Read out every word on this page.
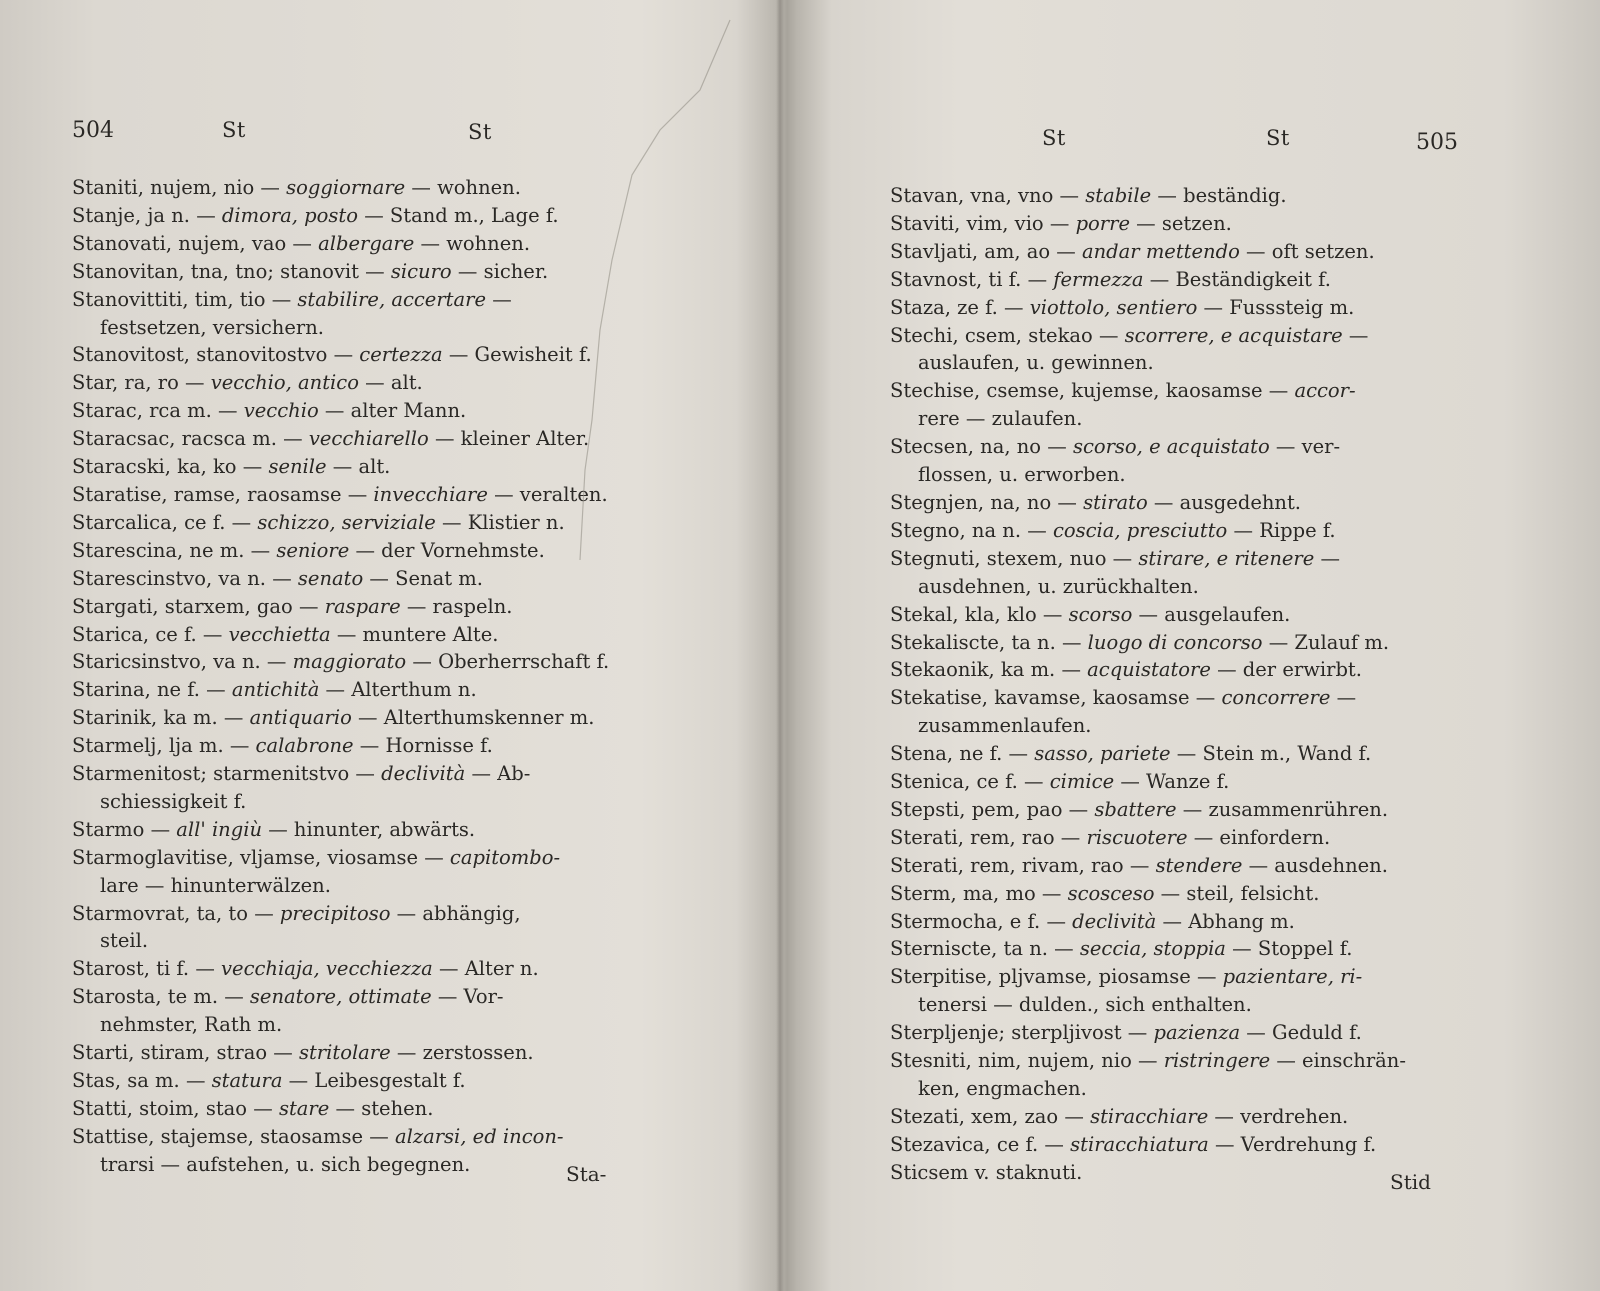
504	St	St
Staniti, nujem, nio — soggiornare — wohnen.
Stanje, ja n. — dimora, posto — Stand m., Lage f.
Stanovati, nujem, vao — albergare — wohnen.
Stanovitan, tna, tno; stanovit — sicuro — sicher.
Stanovittiti, tim, tio — stabilire, accertare —
festsetzen, versichern.
Stanovitost, stanovitostvo — certezza — Gewisheit f.
Star, ra, ro — vecchio, antico — alt.
Starac, rca m. — vecchio — alter Mann.
Staracsac, racsca m. — vecchiarello — kleiner Alter.
Staracski, ka, ko — senile — alt.
Staratise, ramse, raosamse — invecchiare — veralten.
Starcalica, ce f. — schizzo, serviziale — Klistier n.
Starescina, ne m. — seniore — der Vornehmste.
Starescinstvo, va n. — senato — Senat m.
Stargati, starxem, gao — raspare — raspeln.
Starica, ce f. — vecchietta — muntere Alte.
Staricsinstvo, va n. — maggiorato — Oberherrschaft f.
Starina, ne f. — antichità — Alterthum n.
Starinik, ka m. — antiquario — Alterthumskenner m.
Starmelj, lja m. — calabrone — Hornisse f.
Starmenitost; starmenitstvo — declività — Ab-
schiessigkeit f.
Starmo — all' ingiù — hinunter, abwärts.
Starmoglavitise, vljamse, viosamse — capitombo-
lare — hinunterwälzen.
Starmovrat, ta, to — precipitoso — abhängig,
steil.
Starost, ti f. — vecchiaja, vecchiezza — Alter n.
Starosta, te m. — senatore, ottimate — Vor-
nehmster, Rath m.
Starti, stiram, strao — stritolare — zerstossen.
Stas, sa m. — statura — Leibesgestalt f.
Statti, stoim, stao — stare — stehen.
Stattise, stajemse, staosamse — alzarsi, ed incon-
trarsi — aufstehen, u. sich begegnen.	Sta-
St	St	505
Stid
Stavan, vna, vno — stabile — beständig.
Staviti, vim, vio — porre — setzen.
Stavljati, am, ao — andar mettendo — oft setzen.
Stavnost, ti f. — fermezza — Beständigkeit f.
Staza, ze f. — viottolo, sentiero — Fusssteig m.
Stechi, csem, stekao — scorrere, e acquistare —
auslaufen, u. gewinnen.
Stechise, csemse, kujemse, kaosamse — accor-
rere — zulaufen.
Stecsen, na, no — scorso, e acquistato — ver-
flossen, u. erworben.
Stegnjen, na, no — stirato — ausgedehnt.
Stegno, na n. — coscia, presciutto — Rippe f.
Stegnuti, stexem, nuo — stirare, e ritenere —
ausdehnen, u. zurückhalten.
Stekal, kla, klo — scorso — ausgelaufen.
Stekaliscte, ta n. — luogo di concorso — Zulauf m.
Stekaonik, ka m. — acquistatore — der erwirbt.
Stekatise, kavamse, kaosamse — concorrere —
zusammenlaufen.
Stena, ne f. — sasso, pariete — Stein m., Wand f.
Stenica, ce f. — cimice — Wanze f.
Stepsti, pem, pao — sbattere — zusammenrühren.
Sterati, rem, rao — riscuotere — einfordern.
Sterati, rem, rivam, rao — stendere — ausdehnen.
Sterm, ma, mo — scosceso — steil, felsicht.
Stermocha, e f. — declività — Abhang m.
Sternisctе, ta n. — seccia, stoppia — Stoppel f.
Sterpitise, pljvamse, piosamse — pazientare, ri-
tenersi — dulden., sich enthalten.
Sterpljenje; sterpljivost — pazienza — Geduld f.
Stesniti, nim, nujem, nio — ristringere — einschrän-
ken, engmachen.
Stezati, xem, zao — stiracchiare — verdrehen.
Stezavica, ce f. — stiracchiatura — Verdrehung f.
Sticsem v. staknuti.
